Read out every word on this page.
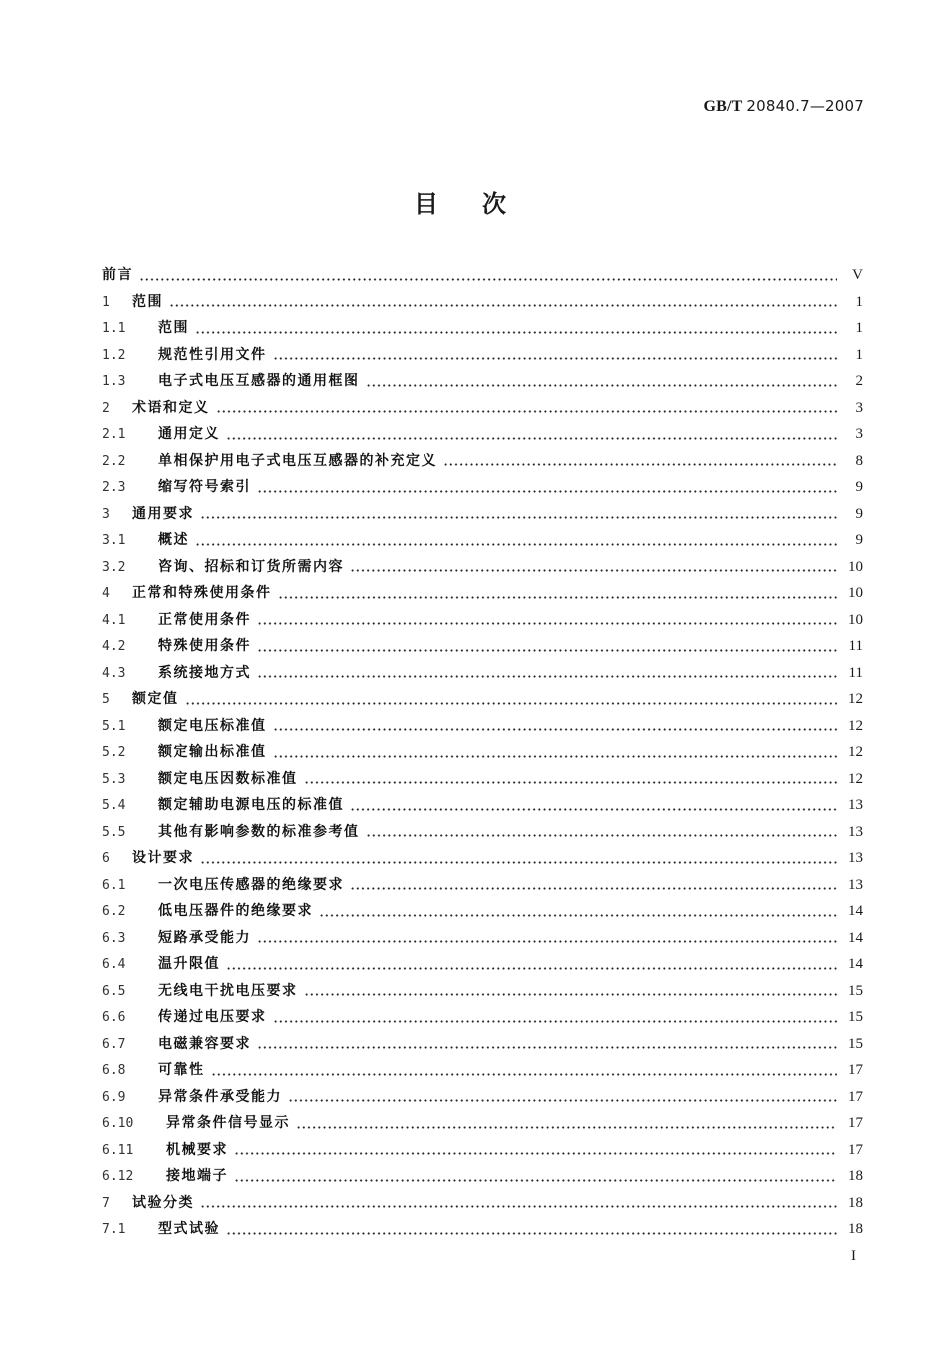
GB/T 20840.7—2007
目次
前言	V
1	范围	1
1.1	范围	1
1.2	规范性引用文件	1
1.3	电子式电压互感器的通用框图	2
2	术语和定义	3
2.1	通用定义	3
2.2	单相保护用电子式电压互感器的补充定义	8
2.3	缩写符号索引	9
3	通用要求	9
3.1	概述	9
3.2	咨询、招标和订货所需内容	10
4	正常和特殊使用条件	10
4.1	正常使用条件	10
4.2	特殊使用条件	11
4.3	系统接地方式	11
5	额定值	12
5.1	额定电压标准值	12
5.2	额定输出标准值	12
5.3	额定电压因数标准值	12
5.4	额定辅助电源电压的标准值	13
5.5	其他有影响参数的标准参考值	13
6	设计要求	13
6.1	一次电压传感器的绝缘要求	13
6.2	低电压器件的绝缘要求	14
6.3	短路承受能力	14
6.4	温升限值	14
6.5	无线电干扰电压要求	15
6.6	传递过电压要求	15
6.7	电磁兼容要求	15
6.8	可靠性	17
6.9	异常条件承受能力	17
6.10	异常条件信号显示	17
6.11	机械要求	17
6.12	接地端子	18
7	试验分类	18
7.1	型式试验	18
I
